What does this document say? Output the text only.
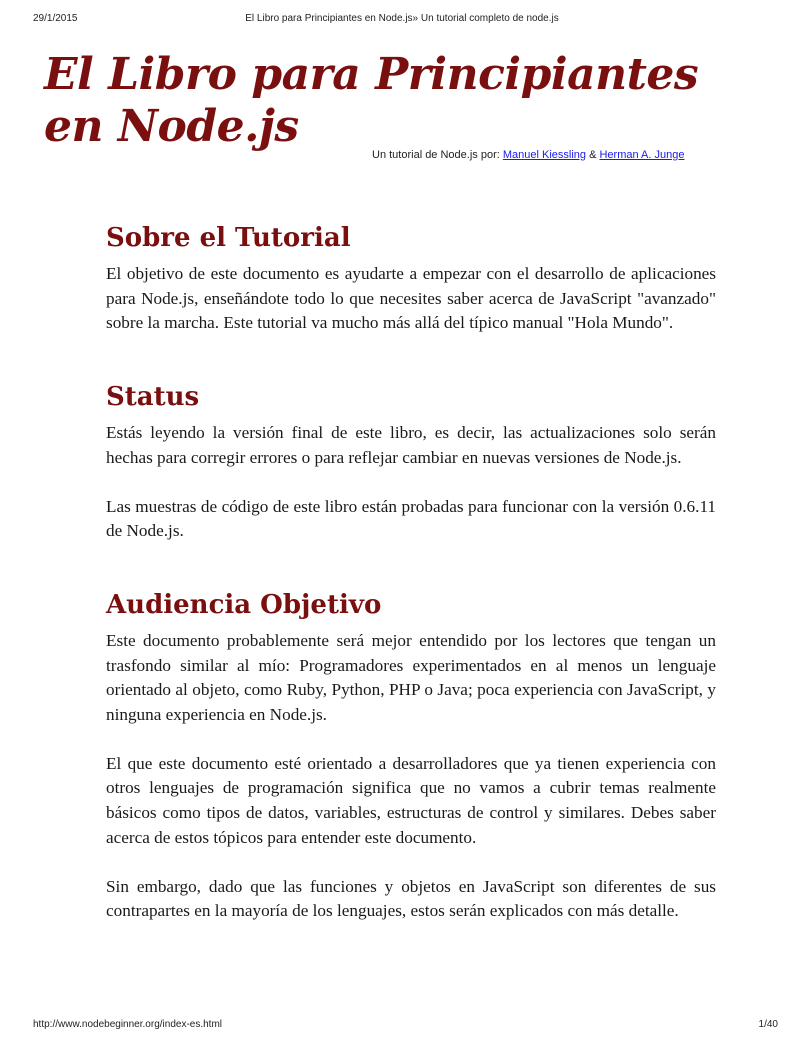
29/1/2015	El Libro para Principiantes en Node.js» Un tutorial completo de node.js
El Libro para Principiantes
en Node.js
Un tutorial de Node.js por: Manuel Kiessling & Herman A. Junge
Sobre el Tutorial

El objetivo de este documento es ayudarte a empezar con el desarrollo de aplicaciones para Node.js, enseñándote todo lo que necesites saber acerca de JavaScript "avanzado" sobre la marcha. Este tutorial va mucho más allá del típico manual "Hola Mundo".

Status

Estás leyendo la versión final de este libro, es decir, las actualizaciones solo serán hechas para corregir errores o para reflejar cambiar en nuevas versiones de Node.js.

Las muestras de código de este libro están probadas para funcionar con la versión 0.6.11 de Node.js.

Audiencia Objetivo

Este documento probablemente será mejor entendido por los lectores que tengan un trasfondo similar al mío: Programadores experimentados en al menos un lenguaje orientado al objeto, como Ruby, Python, PHP o Java; poca experiencia con JavaScript, y ninguna experiencia en Node.js.

El que este documento esté orientado a desarrolladores que ya tienen experiencia con otros lenguajes de programación significa que no vamos a cubrir temas realmente básicos como tipos de datos, variables, estructuras de control y similares. Debes saber acerca de estos tópicos para entender este documento.

Sin embargo, dado que las funciones y objetos en JavaScript son diferentes de sus contrapartes en la mayoría de los lenguajes, estos serán explicados con más detalle.

http://www.nodebeginner.org/index-es.html	1/40
